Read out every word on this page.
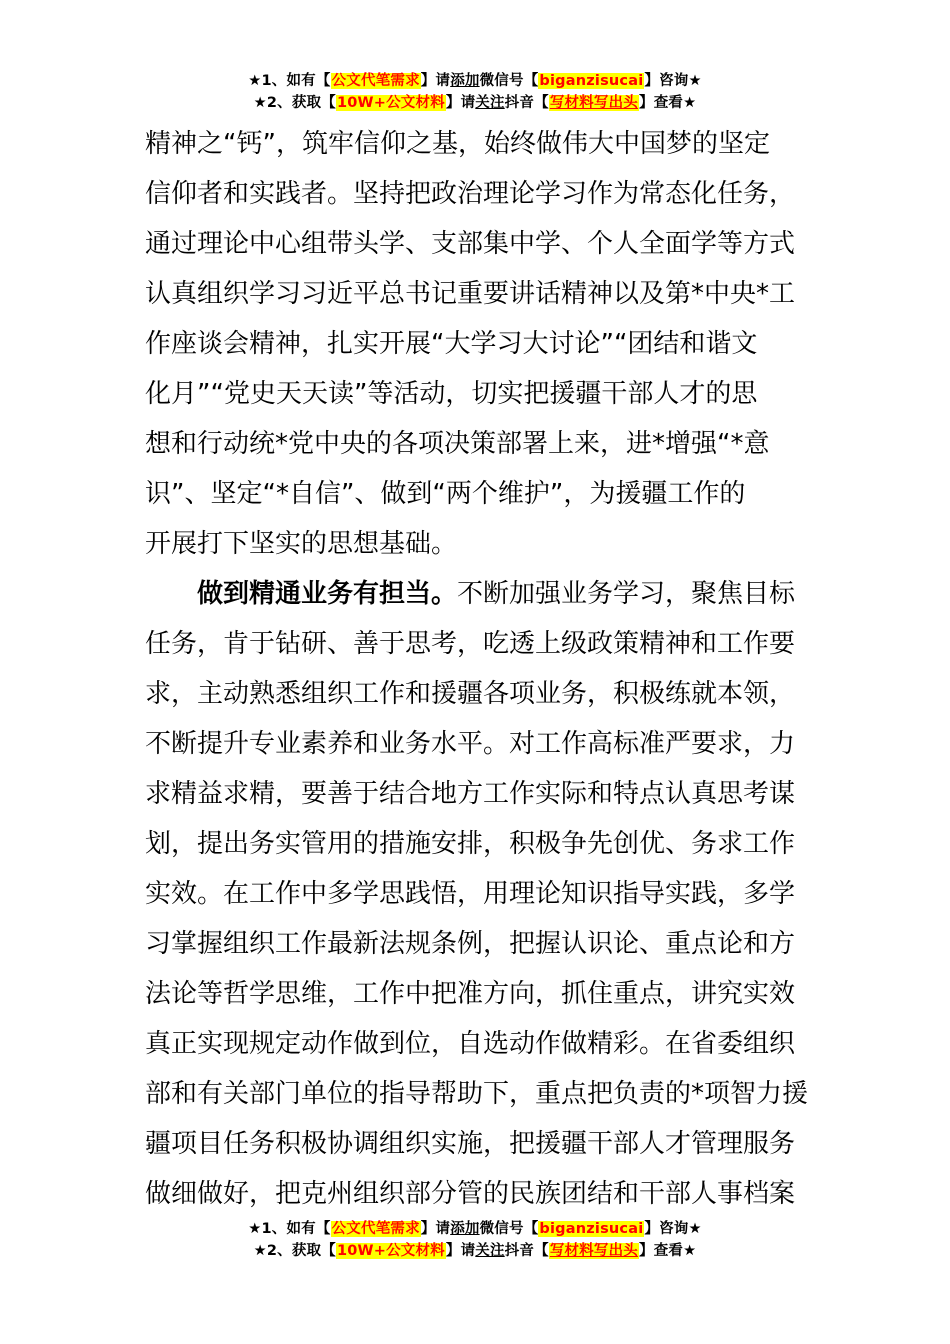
★1、如有【公文代笔需求】请添加微信号【biganzisucai】咨询★
★2、获取【10W+公文材料】请关注抖音【写材料写出头】查看★
精神之“钙”，筑牢信仰之基，始终做伟大中国梦的坚定
信仰者和实践者。坚持把政治理论学习作为常态化任务，
通过理论中心组带头学、支部集中学、个人全面学等方式
认真组织学习习近平总书记重要讲话精神以及第*中央*工
作座谈会精神，扎实开展“大学习大讨论”“团结和谐文
化月”“党史天天读”等活动，切实把援疆干部人才的思
想和行动统*党中央的各项决策部署上来，进*增强“*意
识”、坚定“*自信”、做到“两个维护”，为援疆工作的
开展打下坚实的思想基础。
做到精通业务有担当。不断加强业务学习，聚焦目标
任务，肯于钻研、善于思考，吃透上级政策精神和工作要
求，主动熟悉组织工作和援疆各项业务，积极练就本领，
不断提升专业素养和业务水平。对工作高标准严要求，力
求精益求精，要善于结合地方工作实际和特点认真思考谋
划，提出务实管用的措施安排，积极争先创优、务求工作
实效。在工作中多学思践悟，用理论知识指导实践，多学
习掌握组织工作最新法规条例，把握认识论、重点论和方
法论等哲学思维，工作中把准方向，抓住重点，讲究实效
真正实现规定动作做到位，自选动作做精彩。在省委组织
部和有关部门单位的指导帮助下，重点把负责的*项智力援
疆项目任务积极协调组织实施，把援疆干部人才管理服务
做细做好，把克州组织部分管的民族团结和干部人事档案
★1、如有【公文代笔需求】请添加微信号【biganzisucai】咨询★
★2、获取【10W+公文材料】请关注抖音【写材料写出头】查看★
